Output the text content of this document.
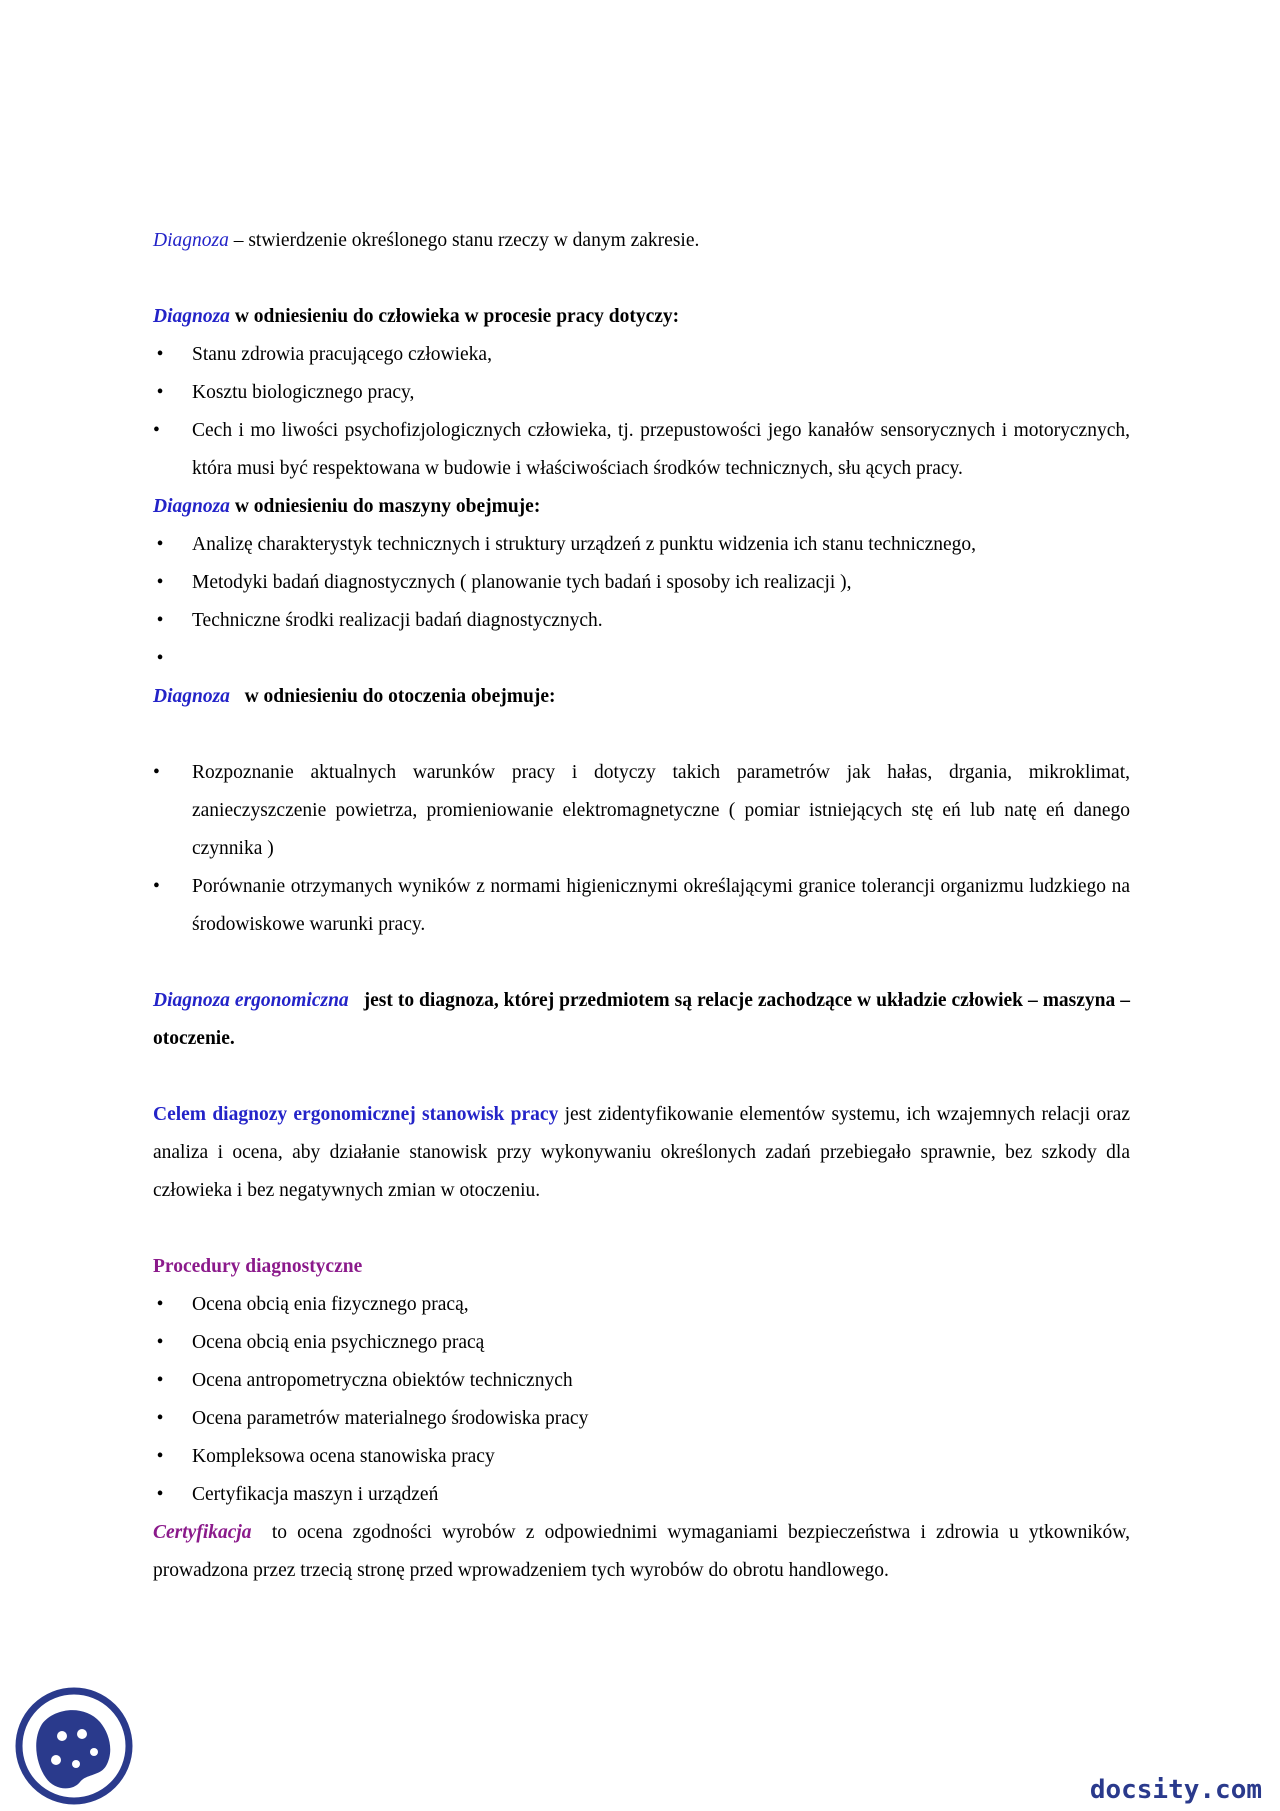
Diagnoza – stwierdzenie określonego stanu rzeczy w danym zakresie.

Diagnoza w odniesieniu do człowieka w procesie pracy dotyczy:

• Stanu zdrowia pracującego człowieka,
• Kosztu biologicznego pracy,
•	Cech i mo liwości psychofizjologicznych człowieka, tj. przepustowości jego kanałów sensorycznych i motorycznych, która musi być respektowana w budowie i właściwościach środków technicznych, słu ących pracy.

Diagnoza w odniesieniu do maszyny obejmuje:

• Analizę charakterystyk technicznych i struktury urządzeń z punktu widzenia ich stanu technicznego,
• Metodyki badań diagnostycznych ( planowanie tych badań i sposoby ich realizacji ),
• Techniczne środki realizacji badań diagnostycznych.
•

Diagnoza   w odniesieniu do otoczenia obejmuje:

•	Rozpoznanie aktualnych warunków pracy i dotyczy takich parametrów jak hałas, drgania, mikroklimat, zanieczyszczenie powietrza, promieniowanie elektromagnetyczne ( pomiar istniejących stę eń lub natę eń danego czynnika )
•	Porównanie otrzymanych wyników z normami higienicznymi określającymi granice tolerancji organizmu ludzkiego na środowiskowe warunki pracy.

Diagnoza ergonomiczna   jest to diagnoza, której przedmiotem są relacje zachodzące w układzie człowiek – maszyna – otoczenie.

Celem diagnozy ergonomicznej stanowisk pracy jest zidentyfikowanie elementów systemu, ich wzajemnych relacji oraz analiza i ocena, aby działanie stanowisk przy wykonywaniu określonych zadań przebiegało sprawnie, bez szkody dla człowieka i bez negatywnych zmian w otoczeniu.

Procedury diagnostyczne

• Ocena obcią enia fizycznego pracą,
• Ocena obcią enia psychicznego pracą
• Ocena antropometryczna obiektów technicznych
• Ocena parametrów materialnego środowiska pracy
• Kompleksowa ocena stanowiska pracy
• Certyfikacja maszyn i urządzeń

Certyfikacja  to ocena zgodności wyrobów z odpowiednimi wymaganiami bezpieczeństwa i zdrowia u ytkowników, prowadzona przez trzecią stronę przed wprowadzeniem tych wyrobów do obrotu handlowego.

docsity.com
